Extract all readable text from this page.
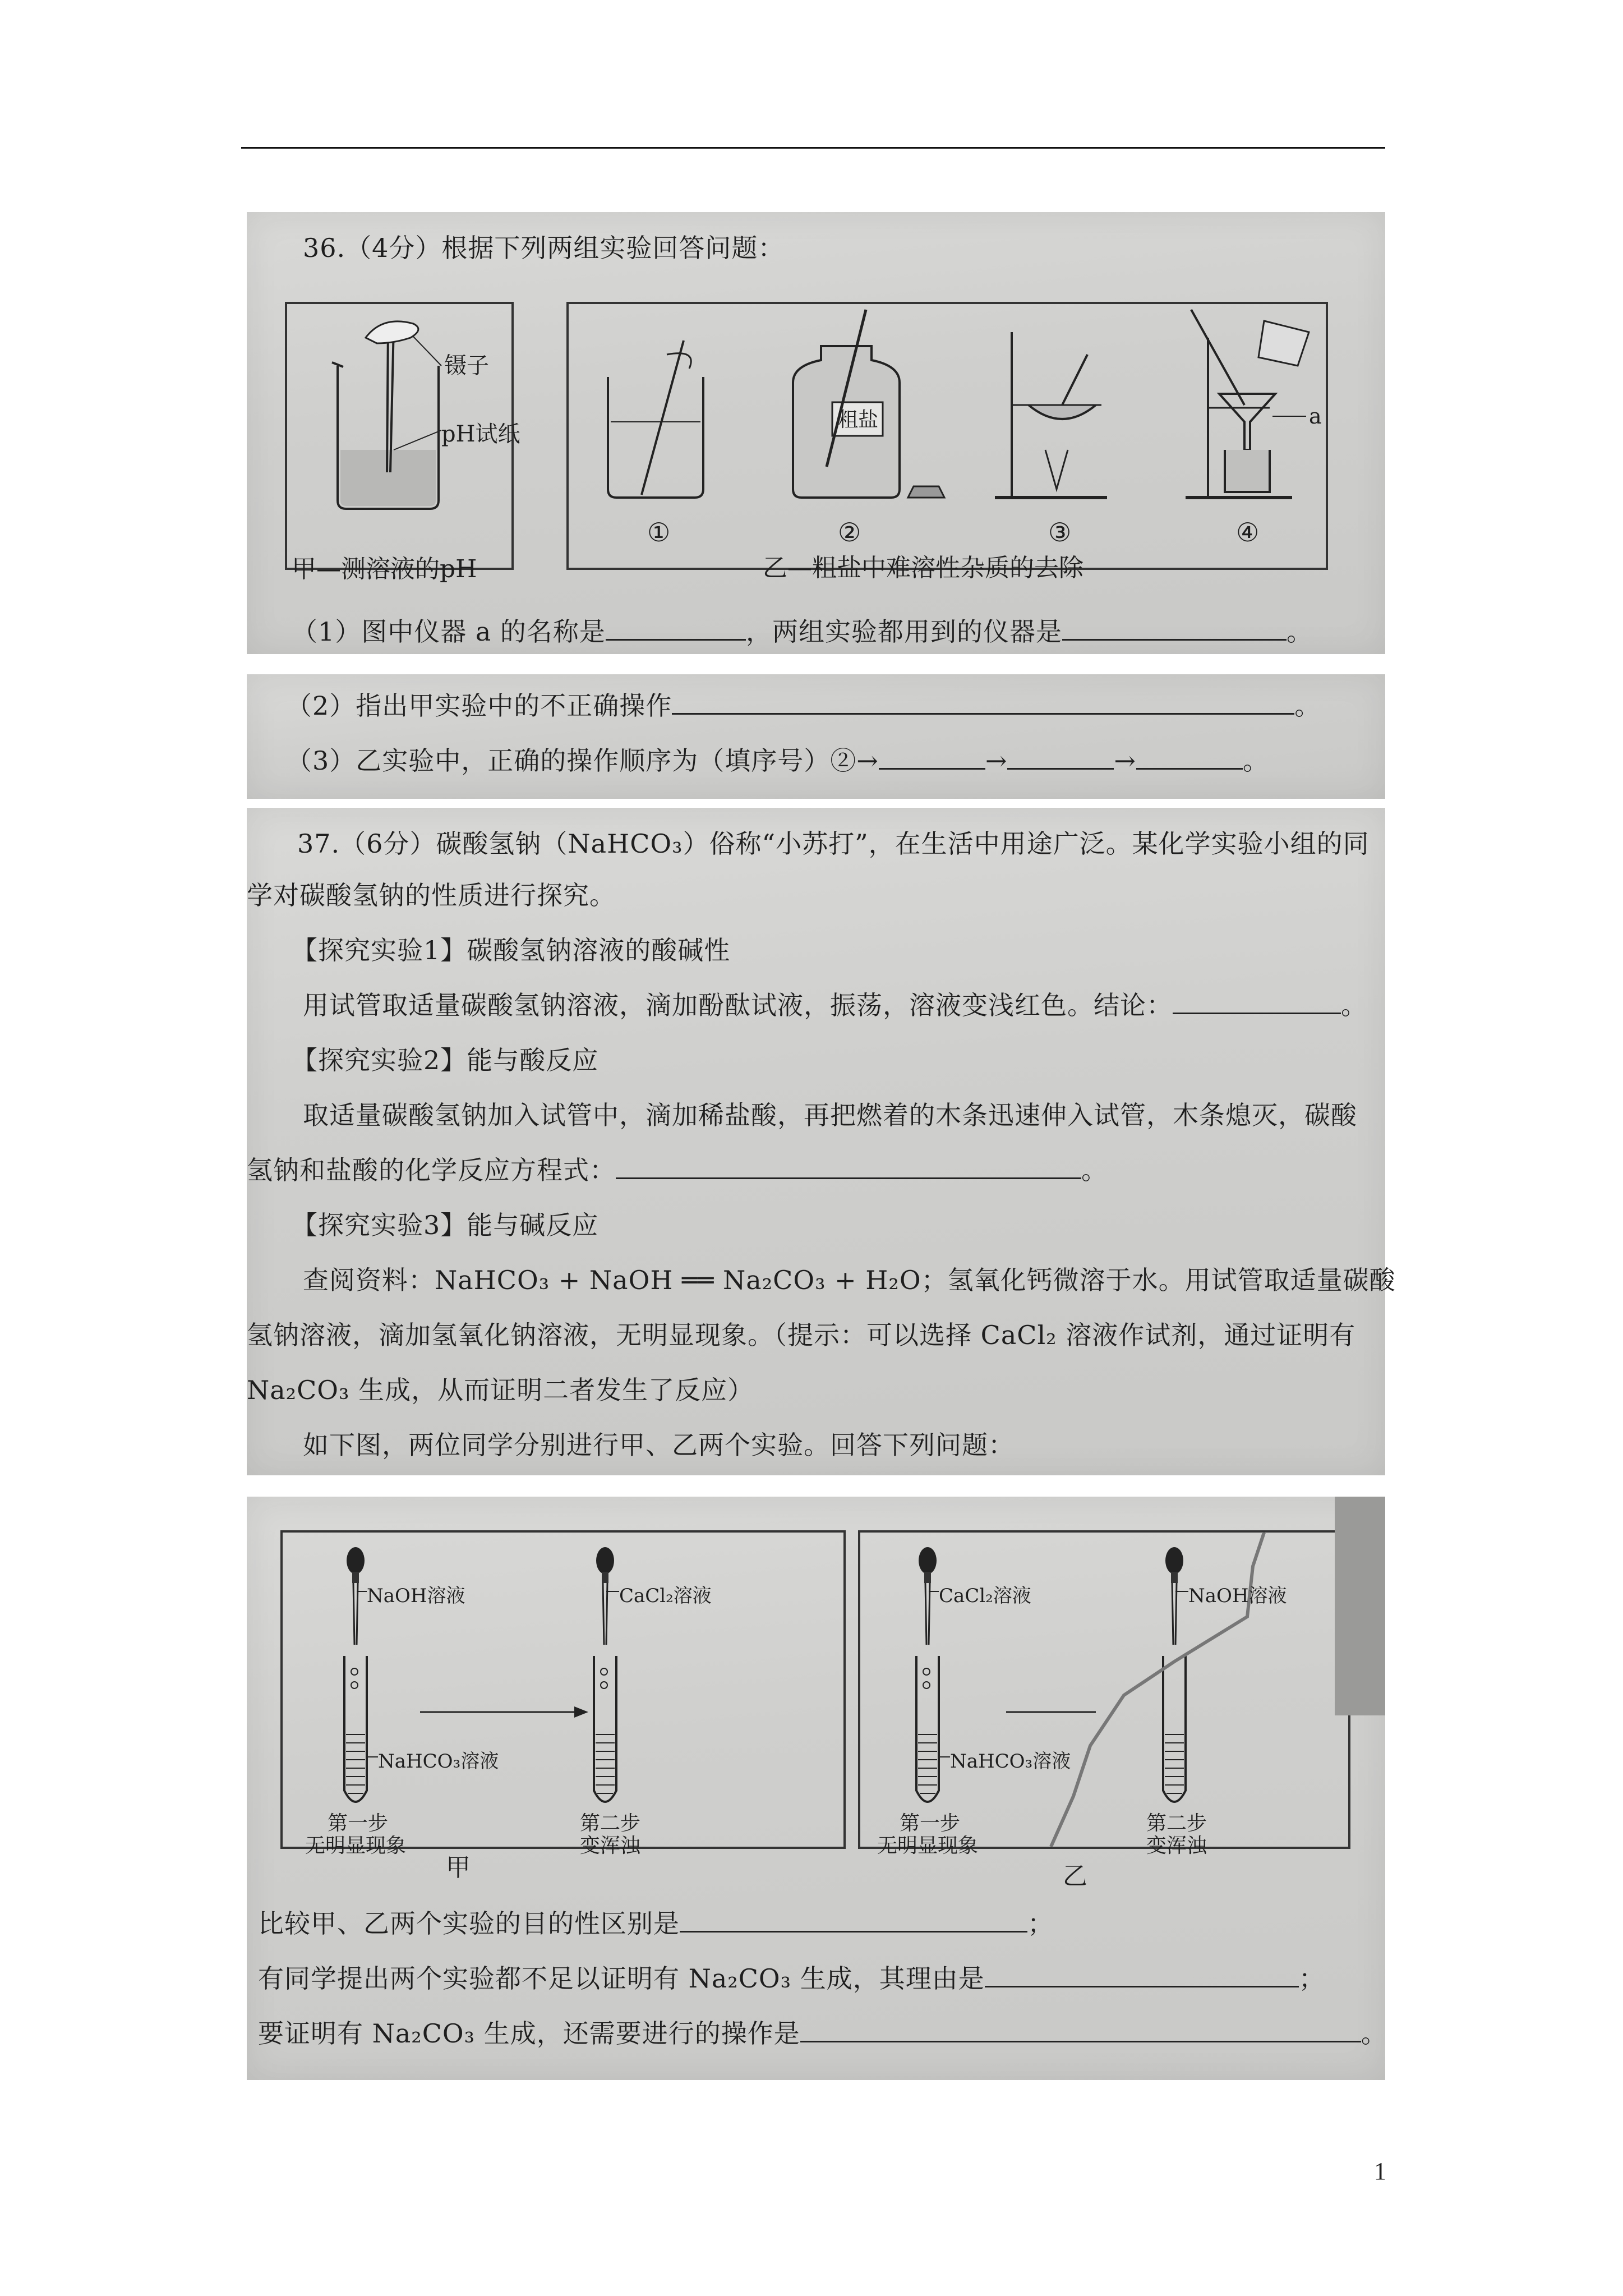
36.（4分）根据下列两组实验回答问题：
镊子
pH试纸
甲—测溶液的pH
粗盐	a
①	②	③	④
乙—粗盐中难溶性杂质的去除
（1）图中仪器 a 的名称是	，两组实验都用到的仪器是	。
（2）指出甲实验中的不正确操作	。
（3）乙实验中，正确的操作顺序为（填序号）②→	→	→	。
37.（6分）碳酸氢钠（NaHCO₃）俗称“小苏打”，在生活中用途广泛。某化学实验小组的同
学对碳酸氢钠的性质进行探究。
【探究实验1】碳酸氢钠溶液的酸碱性
用试管取适量碳酸氢钠溶液，滴加酚酞试液，振荡，溶液变浅红色。结论：	。
【探究实验2】能与酸反应
取适量碳酸氢钠加入试管中，滴加稀盐酸，再把燃着的木条迅速伸入试管，木条熄灭，碳酸
氢钠和盐酸的化学反应方程式：	。
【探究实验3】能与碱反应
查阅资料：NaHCO₃ + NaOH ══ Na₂CO₃ + H₂O；氢氧化钙微溶于水。用试管取适量碳酸
氢钠溶液，滴加氢氧化钠溶液，无明显现象。（提示：可以选择 CaCl₂ 溶液作试剂，通过证明有
Na₂CO₃ 生成，从而证明二者发生了反应）
如下图，两位同学分别进行甲、乙两个实验。回答下列问题：
NaOH溶液	CaCl₂溶液
NaHCO₃溶液
第一步
无明显现象
第二步
变浑浊
甲
CaCl₂溶液	NaOH溶液
NaHCO₃溶液
第一步
无明显现象
第二步
变浑浊
乙
比较甲、乙两个实验的目的性区别是	；
有同学提出两个实验都不足以证明有 Na₂CO₃ 生成，其理由是	；
要证明有 Na₂CO₃ 生成，还需要进行的操作是	。
1
